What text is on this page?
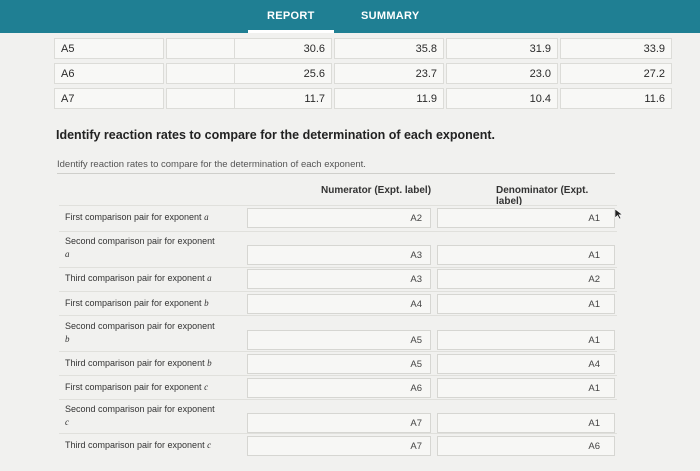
REPORT	SUMMARY
A5	30.6	35.8	31.9	33.9
A6	25.6	23.7	23.0	27.2
A7	11.7	11.9	10.4	11.6
Identify reaction rates to compare for the determination of each exponent.
Identify reaction rates to compare for the determination of each exponent.
Numerator (Expt. label)	Denominator (Expt. label)
First comparison pair for exponent a	A2	A1
Second comparison pair for exponent
a	A3	A1
Third comparison pair for exponent a	A3	A2
First comparison pair for exponent b	A4	A1
Second comparison pair for exponent
b	A5	A1
Third comparison pair for exponent b	A5	A4
First comparison pair for exponent c	A6	A1
Second comparison pair for exponent
c	A7	A1
Third comparison pair for exponent c	A7	A6
